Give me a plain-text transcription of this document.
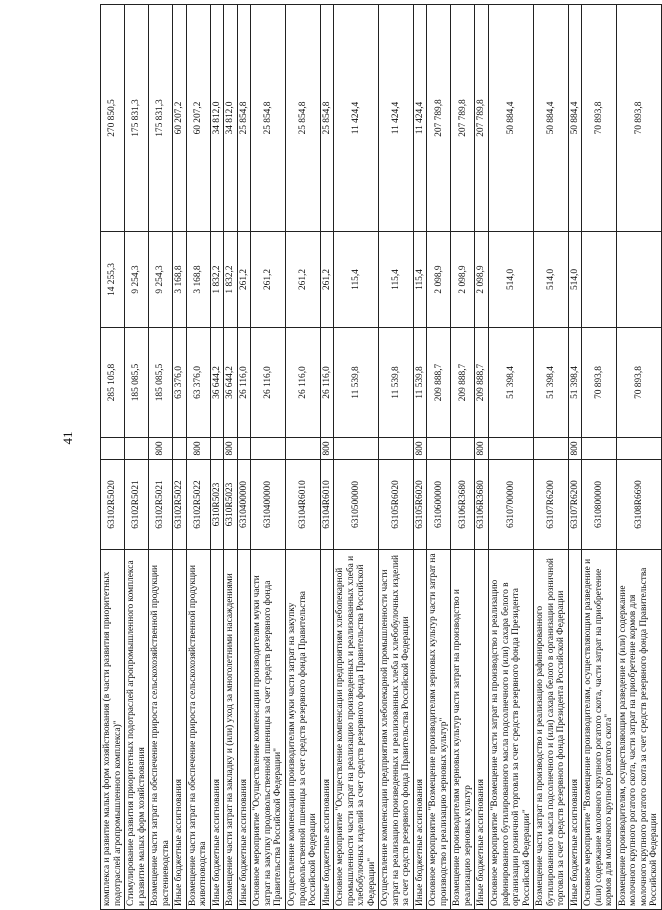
41
комплекса и развитие малых форм хозяйствования (в части развития приоритетных подотраслей агропромышленного комплекса)"	63102R5020		285 105,8	14 255,3	270 850,5
Стимулирование развития приоритетных подотраслей агропромышленного комплекса и развитие малых форм хозяйствования	63102R5021		185 085,5	9 254,3	175 831,3
Возмещение части затрат на обеспечение прироста сельскохозяйственной продукции растениеводства	63102R5021	800	185 085,5	9 254,3	175 831,3
Иные бюджетные ассигнования	63102R5022		63 376,0	3 168,8	60 207,2
Возмещение части затрат на обеспечение прироста сельскохозяйственной продукции животноводства	63102R5022	800	63 376,0	3 168,8	60 207,2
Иные бюджетные ассигнования	6310R5023		36 644,2	1 832,2	34 812,0
Возмещение части затрат на закладку и (или) уход за многолетними насаждениями	6310R5023	800	36 644,2	1 832,2	34 812,0
Иные бюджетные ассигнования	6310400000		26 116,0	261,2	25 854,8
Основное мероприятие "Осуществление компенсации производителям муки части затрат на закупку продовольственной пшеницы за счет средств резервного фонда Правительства Российской Федерации"	6310400000		26 116,0	261,2	25 854,8
Осуществление компенсации производителям муки части затрат на закупку продовольственной пшеницы за счет средств резервного фонда Правительства Российской Федерации	63104R6010		26 116,0	261,2	25 854,8
Иные бюджетные ассигнования	63104R6010	800	26 116,0	261,2	25 854,8
Основное мероприятие "Осуществление компенсации предприятиям хлебопекарной промышленности части затрат на реализацию произведенных и реализованных хлеба и хлебобулочных изделий за счет средств резервного фонда Правительства Российской Федерации"	6310500000		11 539,8	115,4	11 424,4
Осуществление компенсации предприятиям хлебопекарной промышленности части затрат на реализацию произведенных и реализованных хлеба и хлебобулочных изделий за счет средств резервного фонда Правительства Российской Федерации	63105R6020		11 539,8	115,4	11 424,4
Иные бюджетные ассигнования	63105R6020	800	11 539,8	115,4	11 424,4
Основное мероприятие "Возмещение производителям зерновых культур части затрат на производство и реализацию зерновых культур"	6310600000		209 888,7	2 098,9	207 789,8
Возмещение производителям зерновых культур части затрат на производство и реализацию зерновых культур	63106R3680		209 888,7	2 098,9	207 789,8
Иные бюджетные ассигнования	63106R3680	800	209 888,7	2 098,9	207 789,8
Основное мероприятие "Возмещение части затрат на производство и реализацию рафинированного бутилированного масла подсолнечного и (или) сахара белого в организации розничной торговли за счет средств резервного фонда Президента Российской Федерации"	6310700000		51 398,4	514,0	50 884,4
Возмещение части затрат на производство и реализацию рафинированного бутилированного масла подсолнечного и (или) сахара белого в организации розничной торговли за счет средств резервного фонда Президента Российской Федерации	63107R6200		51 398,4	514,0	50 884,4
Иные бюджетные ассигнования	63107R6200	800	51 398,4	514,0	50 884,4
Основное мероприятие "Возмещение производителям, осуществляющим разведение и (или) содержание молочного крупного рогатого скота, части затрат на приобретение кормов для молочного крупного рогатого скота"	6310800000		70 893,8		70 893,8
Возмещение производителям, осуществляющим разведение и (или) содержание молочного крупного рогатого скота, части затрат на приобретение кормов для молочного крупного рогатого скота за счет средств резервного фонда Правительства Российской Федерации	63108R6690		70 893,8		70 893,8
